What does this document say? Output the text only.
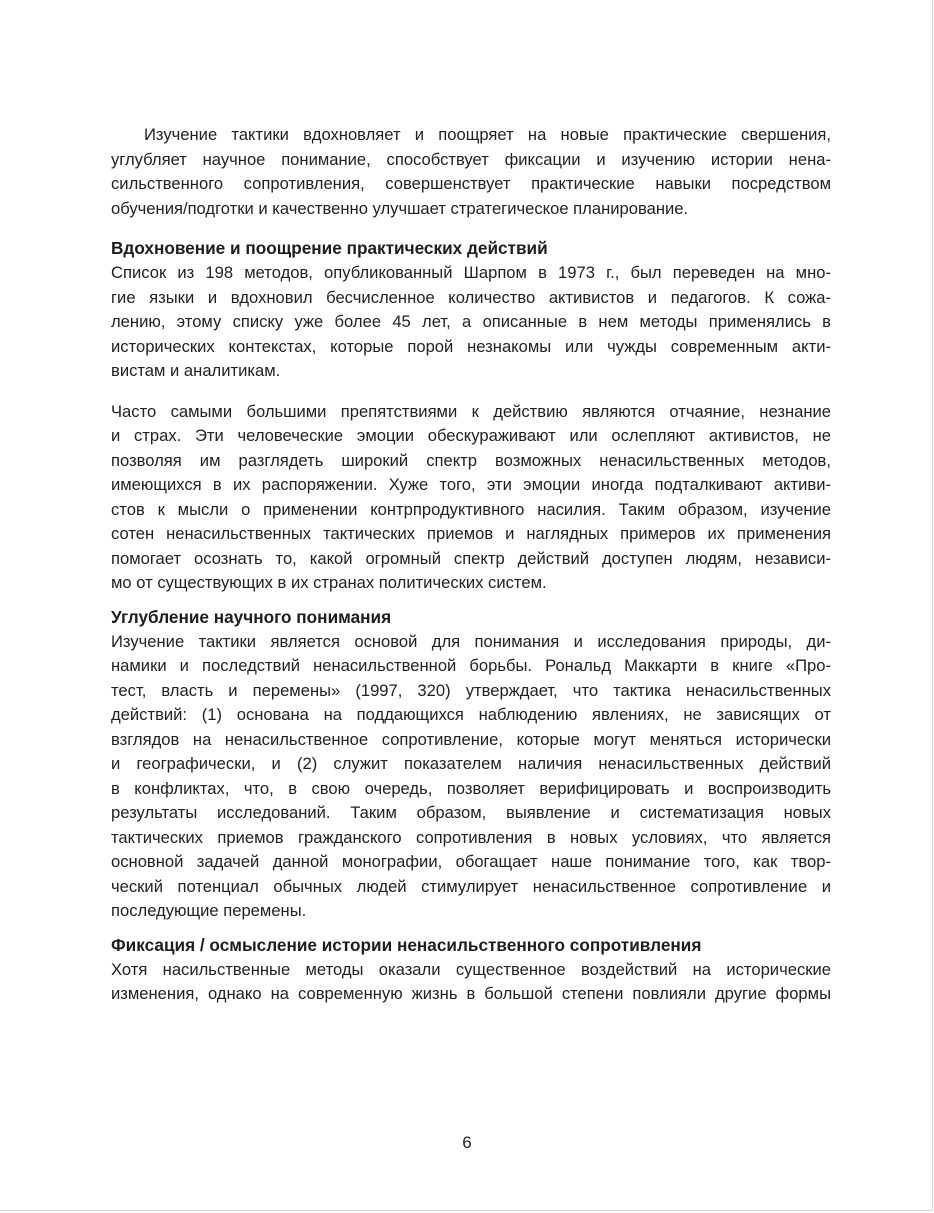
Изучение тактики вдохновляет и поощряет на новые практические свершения,
углубляет научное понимание, способствует фиксации и изучению истории нена-
сильственного сопротивления, совершенствует практические навыки посредством
обучения/подготки и качественно улучшает стратегическое планирование.
Вдохновение и поощрение практических действий
Список из 198 методов, опубликованный Шарпом в 1973 г., был переведен на мно-
гие языки и вдохновил бесчисленное количество активистов и педагогов. К сожа-
лению, этому списку уже более 45 лет, а описанные в нем методы применялись в
исторических контекстах, которые порой незнакомы или чужды современным акти-
вистам и аналитикам.
Часто самыми большими препятствиями к действию являются отчаяние, незнание
и страх. Эти человеческие эмоции обескураживают или ослепляют активистов, не
позволяя им разглядеть широкий спектр возможных ненасильственных методов,
имеющихся в их распоряжении. Хуже того, эти эмоции иногда подталкивают активи-
стов к мысли о применении контрпродуктивного насилия. Таким образом, изучение
сотен ненасильственных тактических приемов и наглядных примеров их применения
помогает осознать то, какой огромный спектр действий доступен людям, независи-
мо от существующих в их странах политических систем.
Углубление научного понимания
Изучение тактики является основой для понимания и исследования природы, ди-
намики и последствий ненасильственной борьбы. Рональд Маккарти в книге «Про-
тест, власть и перемены» (1997, 320) утверждает, что тактика ненасильственных
действий: (1) основана на поддающихся наблюдению явлениях, не зависящих от
взглядов на ненасильственное сопротивление, которые могут меняться исторически
и географически, и (2) служит показателем наличия ненасильственных действий
в конфликтах, что, в свою очередь, позволяет верифицировать и воспроизводить
результаты исследований. Таким образом, выявление и систематизация новых
тактических приемов гражданского сопротивления в новых условиях, что является
основной задачей данной монографии, обогащает наше понимание того, как твор-
ческий потенциал обычных людей стимулирует ненасильственное сопротивление и
последующие перемены.
Фиксация / осмысление истории ненасильственного сопротивления
Хотя насильственные методы оказали существенное воздействий на исторические
изменения, однако на современную жизнь в большой степени повлияли другие формы
6
